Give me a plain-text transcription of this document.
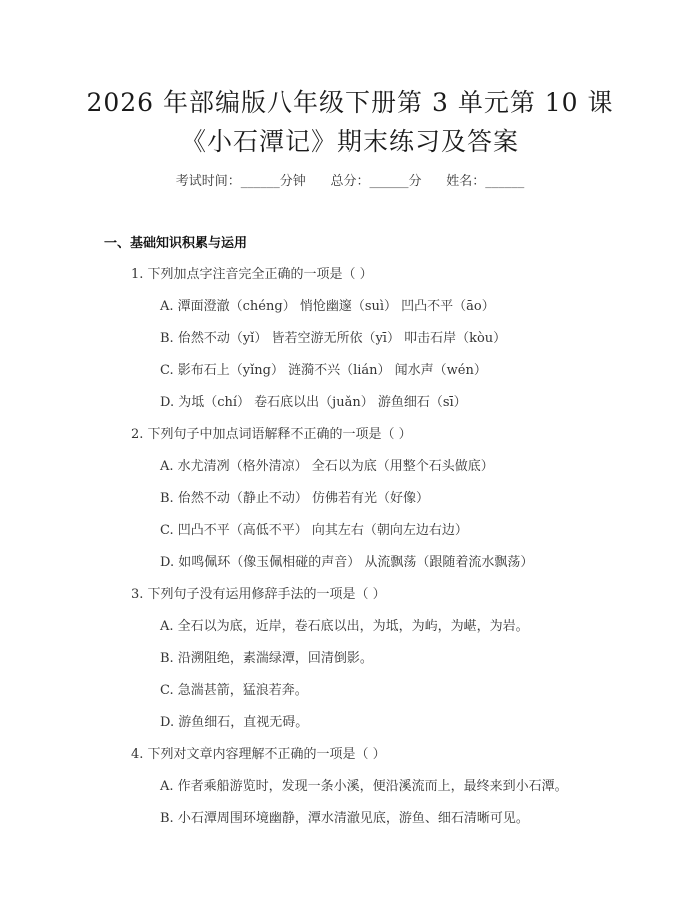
2026 年部编版八年级下册第 3 单元第 10 课
《小石潭记》期末练习及答案
考试时间：______分钟      总分：______分      姓名：______
一、基础知识积累与运用
1. 下列加点字注音完全正确的一项是（ ）
A. 潭面澄澈（chéng） 悄怆幽邃（suì） 凹凸不平（āo）
B. 佁然不动（yǐ） 皆若空游无所依（yī） 叩击石岸（kòu）
C. 影布石上（yǐng） 涟漪不兴（lián） 闻水声（wén）
D. 为坻（chí） 卷石底以出（juǎn） 游鱼细石（sī）
2. 下列句子中加点词语解释不正确的一项是（ ）
A. 水尤清冽（格外清凉） 全石以为底（用整个石头做底）
B. 佁然不动（静止不动） 仿佛若有光（好像）
C. 凹凸不平（高低不平） 向其左右（朝向左边右边）
D. 如鸣佩环（像玉佩相碰的声音） 从流飘荡（跟随着流水飘荡）
3. 下列句子没有运用修辞手法的一项是（ ）
A. 全石以为底，近岸，卷石底以出，为坻，为屿，为嵁，为岩。
B. 沿溯阻绝，素湍绿潭，回清倒影。
C. 急湍甚箭，猛浪若奔。
D. 游鱼细石，直视无碍。
4. 下列对文章内容理解不正确的一项是（ ）
A. 作者乘船游览时，发现一条小溪，便沿溪流而上，最终来到小石潭。
B. 小石潭周围环境幽静，潭水清澈见底，游鱼、细石清晰可见。
